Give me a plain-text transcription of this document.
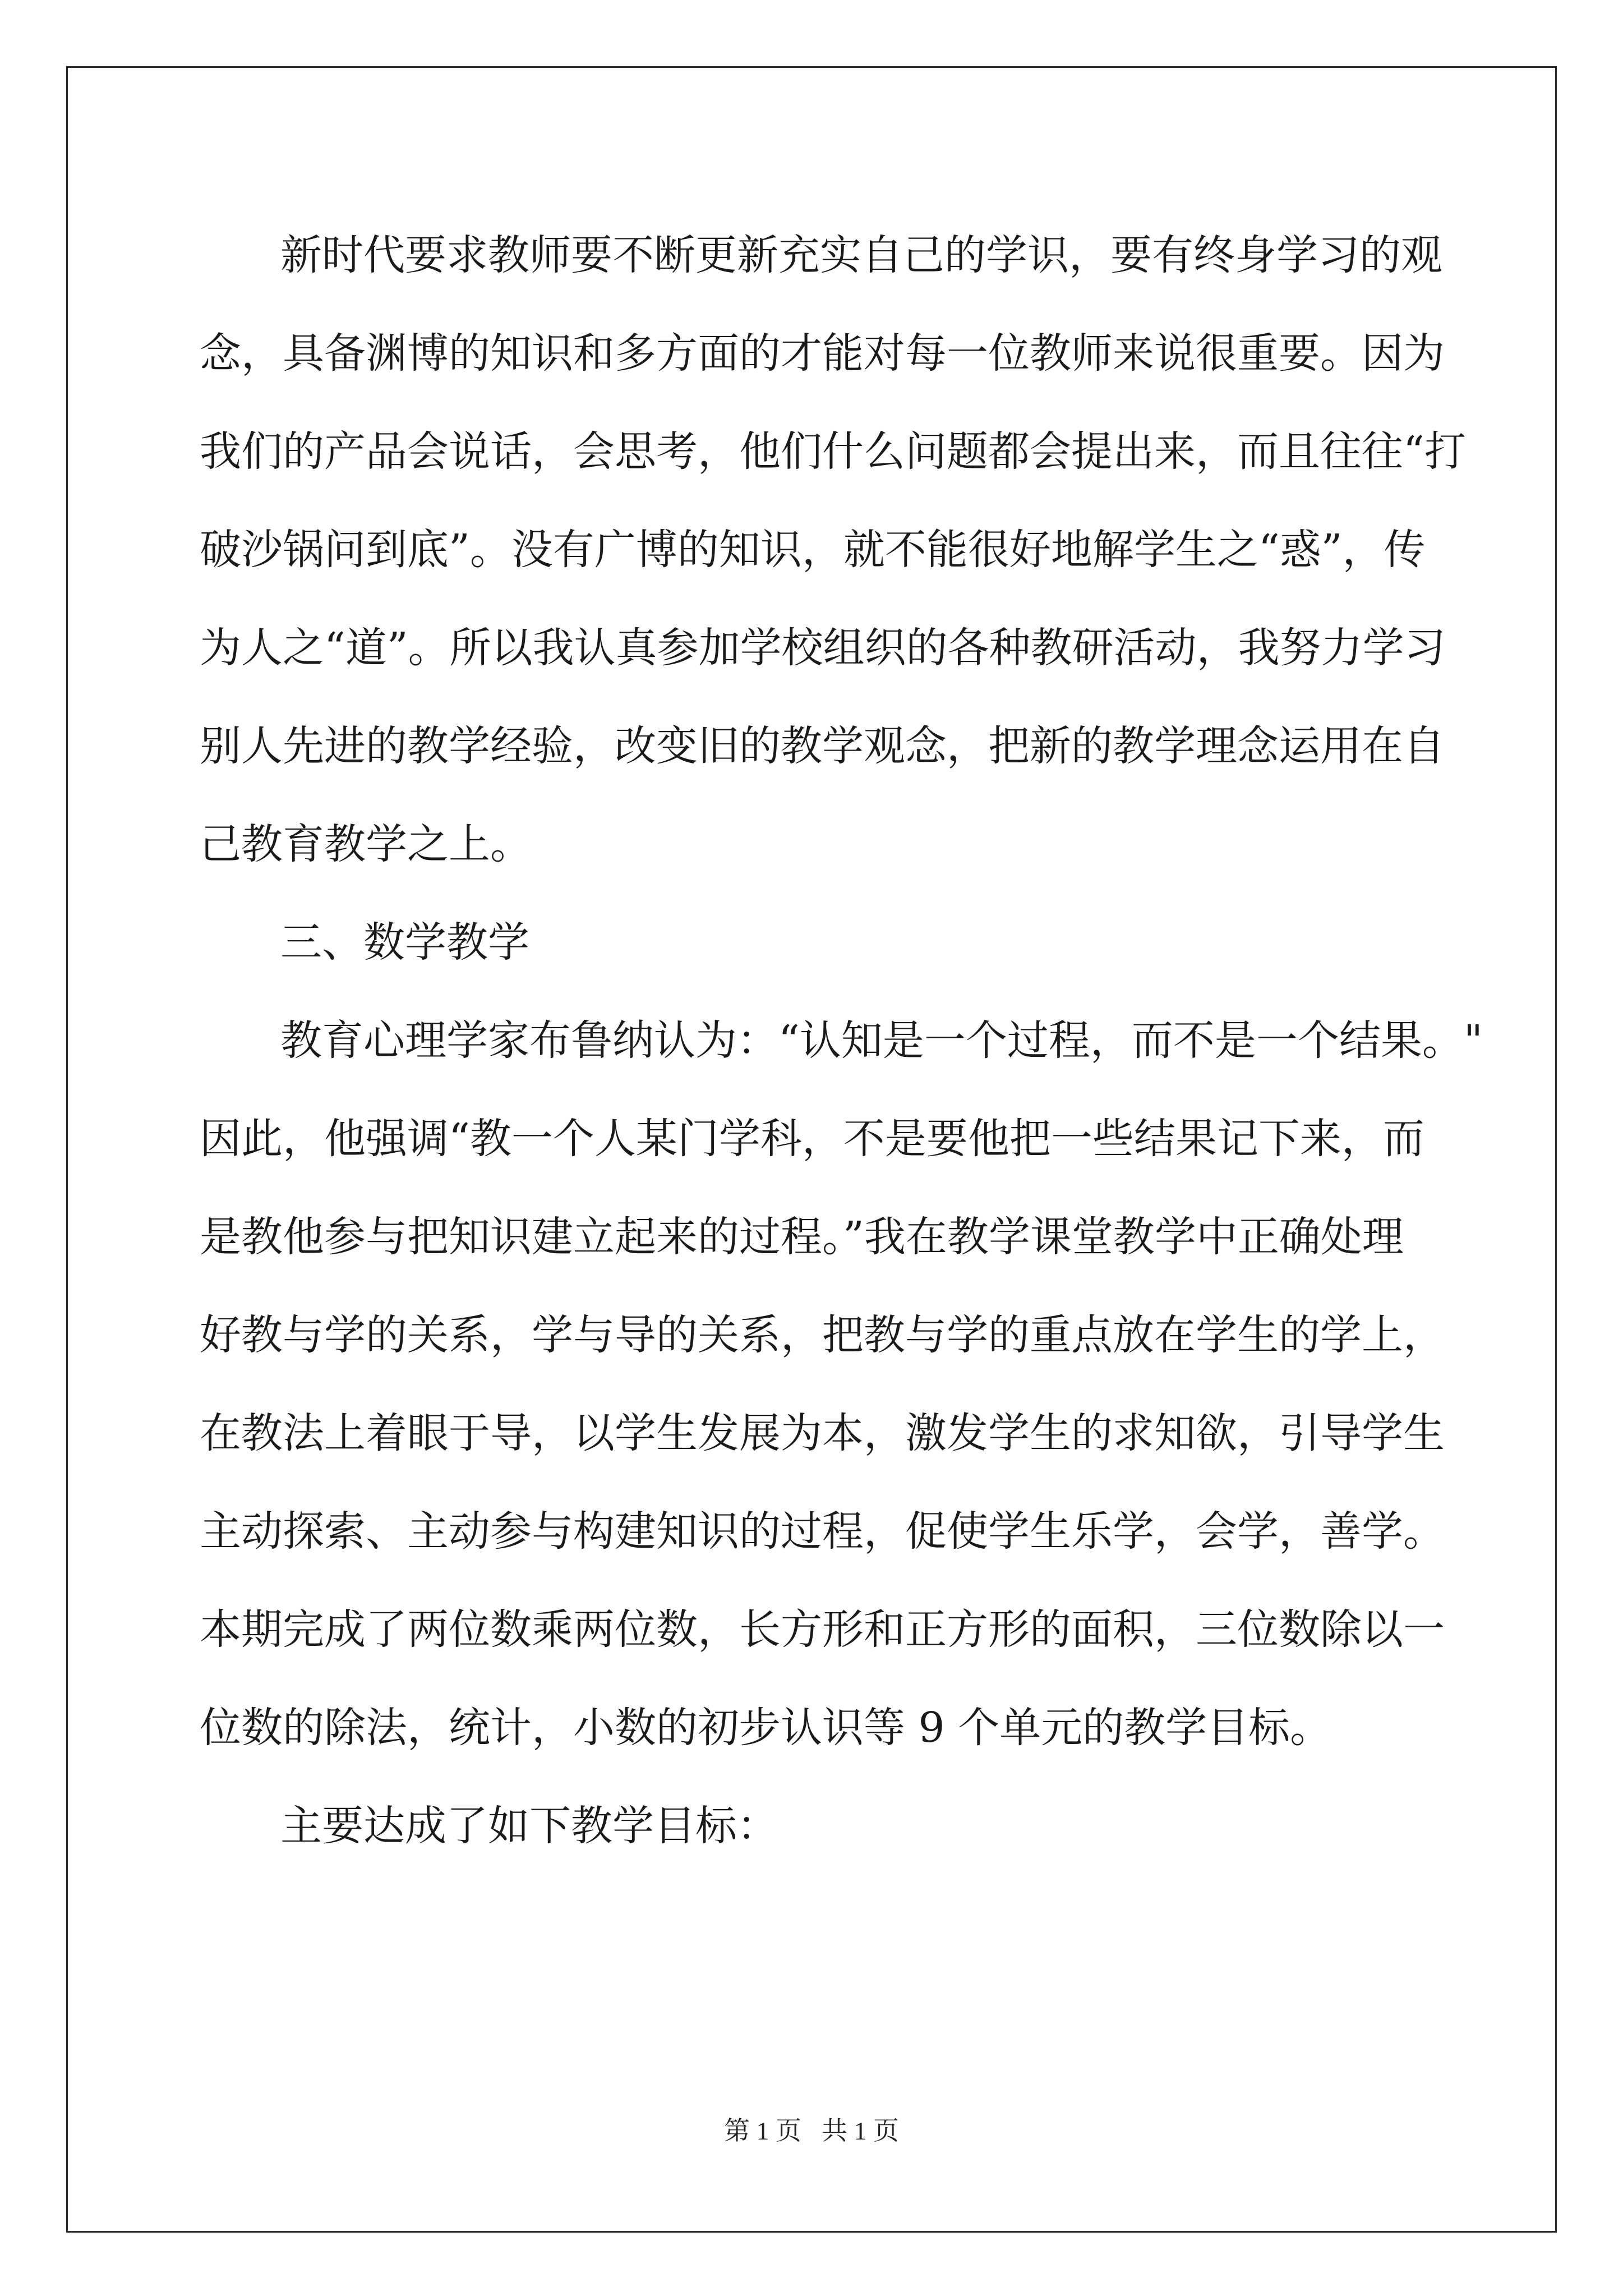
新时代要求教师要不断更新充实自己的学识，要有终身学习的观
念，具备渊博的知识和多方面的才能对每一位教师来说很重要。因为
我们的产品会说话，会思考，他们什么问题都会提出来，而且往往“打
破沙锅问到底”。没有广博的知识，就不能很好地解学生之“惑”，传
为人之“道”。所以我认真参加学校组织的各种教研活动，我努力学习
别人先进的教学经验，改变旧的教学观念，把新的教学理念运用在自
己教育教学之上。
三、数学教学
教育心理学家布鲁纳认为：“认知是一个过程，而不是一个结果。"
因此，他强调“教一个人某门学科，不是要他把一些结果记下来，而
是教他参与把知识建立起来的过程。”我在教学课堂教学中正确处理
好教与学的关系，学与导的关系，把教与学的重点放在学生的学上，
在教法上着眼于导，以学生发展为本，激发学生的求知欲，引导学生
主动探索、主动参与构建知识的过程，促使学生乐学，会学，善学。
本期完成了两位数乘两位数，长方形和正方形的面积，三位数除以一
位数的除法，统计，小数的初步认识等 9 个单元的教学目标。
主要达成了如下教学目标：
第 1 页 共 1 页
